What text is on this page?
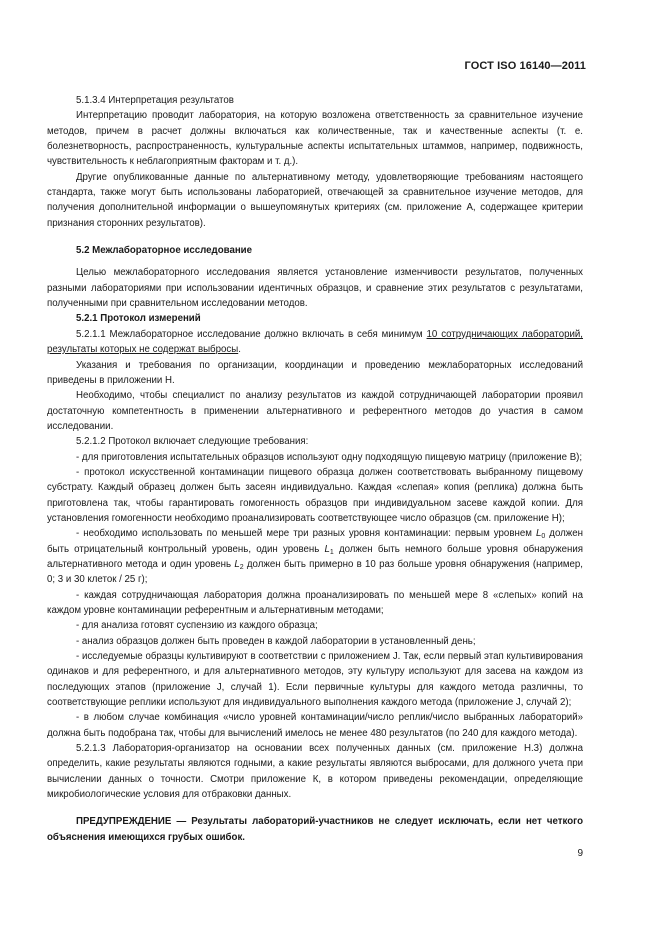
ГОСТ ISO 16140—2011

5.1.3.4 Интерпретация результатов

Интерпретацию проводит лаборатория, на которую возложена ответственность за сравнительное изучение методов, причем в расчет должны включаться как количественные, так и качественные аспекты (т. е. болезнетворность, распространенность, культуральные аспекты испытательных штаммов, например, подвижность, чувствительность к неблагоприятным факторам и т. д.).

Другие опубликованные данные по альтернативному методу, удовлетворяющие требованиям настоящего стандарта, также могут быть использованы лабораторией, отвечающей за сравнительное изучение методов, для получения дополнительной информации о вышеупомянутых критериях (см. приложение А, содержащее критерии признания сторонних результатов).

5.2 Межлабораторное исследование

Целью межлабораторного исследования является установление изменчивости результатов, полученных разными лабораториями при использовании идентичных образцов, и сравнение этих результатов с результатами, полученными при сравнительном исследовании методов.

5.2.1 Протокол измерений

5.2.1.1 Межлабораторное исследование должно включать в себя минимум 10 сотрудничающих лабораторий, результаты которых не содержат выбросы.

Указания и требования по организации, координации и проведению межлабораторных исследований приведены в приложении Н.

Необходимо, чтобы специалист по анализу результатов из каждой сотрудничающей лаборатории проявил достаточную компетентность в применении альтернативного и референтного методов до участия в самом исследовании.

5.2.1.2 Протокол включает следующие требования:

- для приготовления испытательных образцов используют одну подходящую пищевую матрицу (приложение В);

- протокол искусственной контаминации пищевого образца должен соответствовать выбранному пищевому субстрату. Каждый образец должен быть засеян индивидуально. Каждая «слепая» копия (реплика) должна быть приготовлена так, чтобы гарантировать гомогенность образцов при индивидуальном засеве каждой копии. Для установления гомогенности необходимо проанализировать соответствующее число образцов (см. приложение Н);

- необходимо использовать по меньшей мере три разных уровня контаминации: первым уровнем $L_0$ должен быть отрицательный контрольный уровень, один уровень $L_1$ должен быть немного больше уровня обнаружения альтернативного метода и один уровень $L_2$ должен быть примерно в 10 раз больше уровня обнаружения (например, 0; 3 и 30 клеток / 25 г);

- каждая сотрудничающая лаборатория должна проанализировать по меньшей мере 8 «слепых» копий на каждом уровне контаминации референтным и альтернативным методами;

- для анализа готовят суспензию из каждого образца;

- анализ образцов должен быть проведен в каждой лаборатории в установленный день;

- исследуемые образцы культивируют в соответствии с приложением J. Так, если первый этап культивирования одинаков и для референтного, и для альтернативного методов, эту культуру используют для засева на каждом из последующих этапов (приложение J, случай 1). Если первичные культуры для каждого метода различны, то соответствующие реплики используют для индивидуального выполнения каждого метода (приложение J, случай 2);

- в любом случае комбинация «число уровней контаминации/число реплик/число выбранных лабораторий» должна быть подобрана так, чтобы для вычислений имелось не менее 480 результатов (по 240 для каждого метода).

5.2.1.3 Лаборатория-организатор на основании всех полученных данных (см. приложение Н.3) должна определить, какие результаты являются годными, а какие результаты являются выбросами, для должного учета при вычислении данных о точности. Смотри приложение К, в котором приведены рекомендации, определяющие микробиологические условия для отбраковки данных.

ПРЕДУПРЕЖДЕНИЕ — Результаты лабораторий-участников не следует исключать, если нет четкого объяснения имеющихся грубых ошибок.

9
